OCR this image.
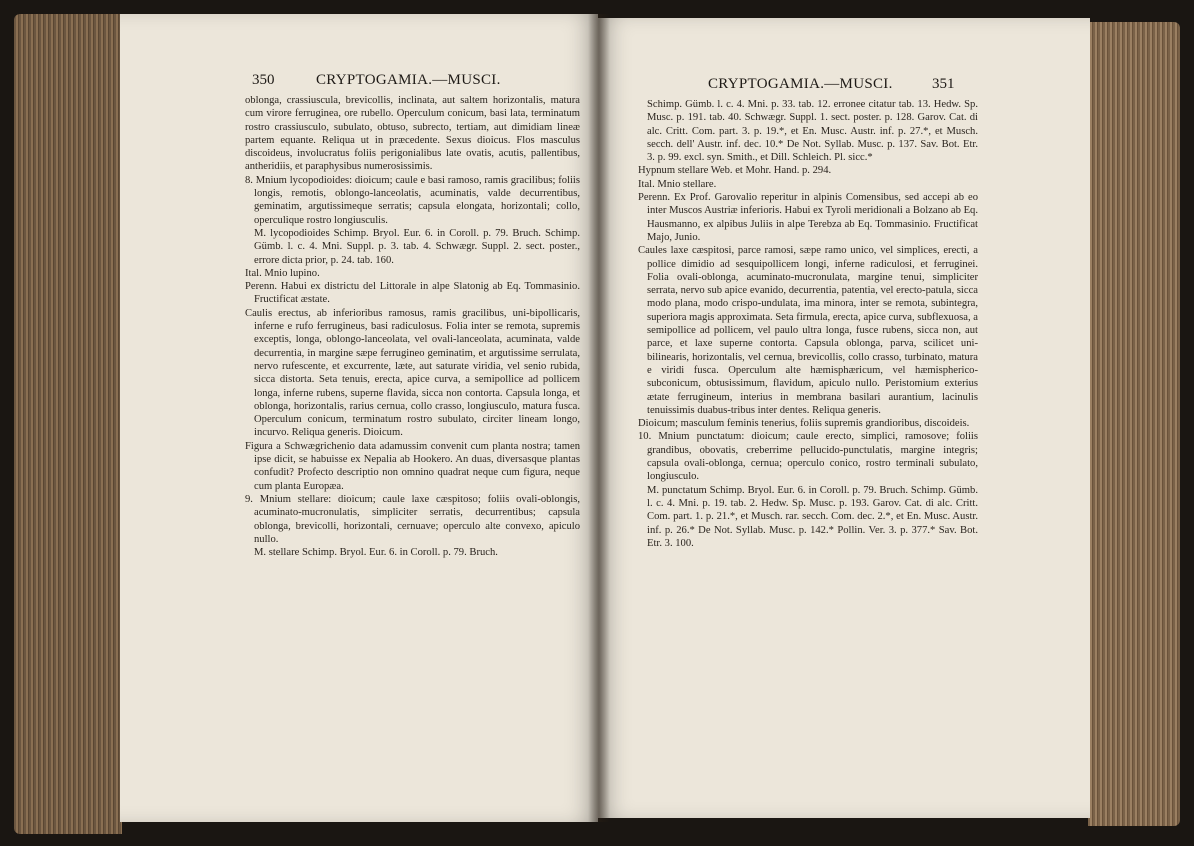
350	CRYPTOGAMIA.—MUSCI.

oblonga, crassiuscula, brevicollis, inclinata, aut saltem horizontalis, matura cum virore ferruginea, ore rubello. Operculum conicum, basi lata, terminatum rostro crassiusculo, subulato, obtuso, subrecto, tertiam, aut dimidiam lineæ partem equante. Reliqua ut in præcedente. Sexus dioicus. Flos masculus discoideus, involucratus foliis perigonialibus late ovatis, acutis, pallentibus, antheridiis, et paraphysibus numerosissimis.

8. Mnium lycopodioides: dioicum; caule e basi ramoso, ramis gracilibus; foliis longis, remotis, oblongo-lanceolatis, acuminatis, valde decurrentibus, geminatim, argutissimeque serratis; capsula elongata, horizontali; collo, operculique rostro longiusculis.

M. lycopodioides Schimp. Bryol. Eur. 6. in Coroll. p. 79. Bruch. Schimp. Gümb. l. c. 4. Mni. Suppl. p. 3. tab. 4. Schwægr. Suppl. 2. sect. poster., errore dicta prior, p. 24. tab. 160.

Ital. Mnio lupino.

Perenn. Habui ex districtu del Littorale in alpe Slatonig ab Eq. Tommasinio. Fructificat æstate.

Caulis erectus, ab inferioribus ramosus, ramis gracilibus, uni-bipollicaris, inferne e rufo ferrugineus, basi radiculosus. Folia inter se remota, supremis exceptis, longa, oblongo-lanceolata, vel ovali-lanceolata, acuminata, valde decurrentia, in margine sæpe ferrugineo geminatim, et argutissime serrulata, nervo rufescente, et excurrente, læte, aut saturate viridia, vel senio rubida, sicca distorta. Seta tenuis, erecta, apice curva, a semipollice ad pollicem longa, inferne rubens, superne flavida, sicca non contorta. Capsula longa, et oblonga, horizontalis, rarius cernua, collo crasso, longiusculo, matura fusca. Operculum conicum, terminatum rostro subulato, circiter lineam longo, incurvo. Reliqua generis. Dioicum.

Figura a Schwægrichenio data adamussim convenit cum planta nostra; tamen ipse dicit, se habuisse ex Nepalia ab Hookero. An duas, diversasque plantas confudit? Profecto descriptio non omnino quadrat neque cum figura, neque cum planta Europæa.

9. Mnium stellare: dioicum; caule laxe cæspitoso; foliis ovali-oblongis, acuminato-mucronulatis, simpliciter serratis, decurrentibus; capsula oblonga, brevicolli, horizontali, cernuave; operculo alte convexo, apiculo nullo.

M. stellare Schimp. Bryol. Eur. 6. in Coroll. p. 79. Bruch.

CRYPTOGAMIA.—MUSCI.	351

Schimp. Gümb. l. c. 4. Mni. p. 33. tab. 12. erronee citatur tab. 13. Hedw. Sp. Musc. p. 191. tab. 40. Schwægr. Suppl. 1. sect. poster. p. 128. Garov. Cat. di alc. Critt. Com. part. 3. p. 19.*, et En. Musc. Austr. inf. p. 27.*, et Musch. secch. dell' Austr. inf. dec. 10.* De Not. Syllab. Musc. p. 137. Sav. Bot. Etr. 3. p. 99. excl. syn. Smith., et Dill. Schleich. Pl. sicc.*

Hypnum stellare Web. et Mohr. Hand. p. 294.

Ital. Mnio stellare.

Perenn. Ex Prof. Garovalio reperitur in alpinis Comensibus, sed accepi ab eo inter Muscos Austriæ inferioris. Habui ex Tyroli meridionali a Bolzano ab Eq. Hausmanno, ex alpibus Juliis in alpe Terebza ab Eq. Tommasinio. Fructificat Majo, Junio.

Caules laxe cæspitosi, parce ramosi, sæpe ramo unico, vel simplices, erecti, a pollice dimidio ad sesquipollicem longi, inferne radiculosi, et ferruginei. Folia ovali-oblonga, acuminato-mucronulata, margine tenui, simpliciter serrata, nervo sub apice evanido, decurrentia, patentia, vel erecto-patula, sicca modo plana, modo crispo-undulata, ima minora, inter se remota, subintegra, superiora magis approximata. Seta firmula, erecta, apice curva, subflexuosa, a semipollice ad pollicem, vel paulo ultra longa, fusce rubens, sicca non, aut parce, et laxe superne contorta. Capsula oblonga, parva, scilicet uni-bilinearis, horizontalis, vel cernua, brevicollis, collo crasso, turbinato, matura e viridi fusca. Operculum alte hæmisphæricum, vel hæmispherico-subconicum, obtusissimum, flavidum, apiculo nullo. Peristomium exterius ætate ferrugineum, interius in membrana basilari aurantium, lacinulis tenuissimis duabus-tribus inter dentes. Reliqua generis.

Dioicum; masculum feminis tenerius, foliis supremis grandioribus, discoideis.

10. Mnium punctatum: dioicum; caule erecto, simplici, ramosove; foliis grandibus, obovatis, creberrime pellucido-punctulatis, margine integris; capsula ovali-oblonga, cernua; operculo conico, rostro terminali subulato, longiusculo.

M. punctatum Schimp. Bryol. Eur. 6. in Coroll. p. 79. Bruch. Schimp. Gümb. l. c. 4. Mni. p. 19. tab. 2. Hedw. Sp. Musc. p. 193. Garov. Cat. di alc. Critt. Com. part. 1. p. 21.*, et Musch. rar. secch. Com. dec. 2.*, et En. Musc. Austr. inf. p. 26.* De Not. Syllab. Musc. p. 142.* Pollin. Ver. 3. p. 377.* Sav. Bot. Etr. 3. 100.
